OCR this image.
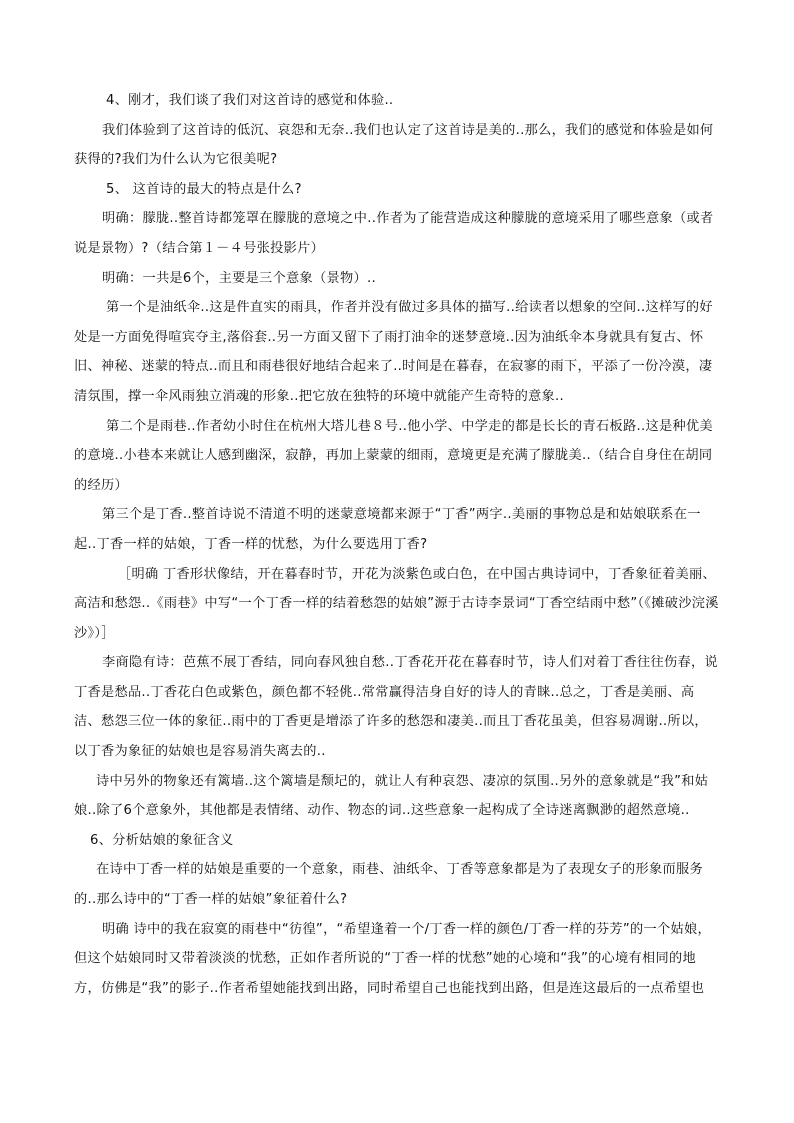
4、刚才，我们谈了我们对这首诗的感觉和体验..

我们体验到了这首诗的低沉、哀怨和无奈..我们也认定了这首诗是美的..那么，我们的感觉和体验是如何获得的?我们为什么认为它很美呢?

5、 这首诗的最大的特点是什么?

明确：朦胧..整首诗都笼罩在朦胧的意境之中..作者为了能营造成这种朦胧的意境采用了哪些意象（或者说是景物）?（结合第１－４号张投影片）

明确：一共是6个，主要是三个意象（景物）..

第一个是油纸伞..这是件直实的雨具，作者并没有做过多具体的描写..给读者以想象的空间..这样写的好处是一方面免得喧宾夺主,落俗套..另一方面又留下了雨打油伞的迷梦意境..因为油纸伞本身就具有复古、怀旧、神秘、迷蒙的特点..而且和雨巷很好地结合起来了..时间是在暮春，在寂寥的雨下，平添了一份冷漠，凄清氛围，撑一伞风雨独立消魂的形象..把它放在独特的环境中就能产生奇特的意象..

第二个是雨巷..作者幼小时住在杭州大塔儿巷８号..他小学、中学走的都是长长的青石板路..这是种优美的意境..小巷本来就让人感到幽深，寂静，再加上蒙蒙的细雨，意境更是充满了朦胧美..（结合自身住在胡同的经历）

第三个是丁香..整首诗说不清道不明的迷蒙意境都来源于“丁香”两字..美丽的事物总是和姑娘联系在一起..丁香一样的姑娘，丁香一样的忧愁，为什么要选用丁香?

［明确 丁香形状像结，开在暮春时节，开花为淡紫色或白色，在中国古典诗词中，丁香象征着美丽、高洁和愁怨..《雨巷》中写“一个丁香一样的结着愁怨的姑娘”源于古诗李景词“丁香空结雨中愁”（《摊破沙浣溪沙》）］

李商隐有诗：芭蕉不展丁香结，同向春风独自愁..丁香花开花在暮春时节，诗人们对着丁香往往伤春，说丁香是愁品..丁香花白色或紫色，颜色都不轻佻..常常赢得洁身自好的诗人的青睐..总之，丁香是美丽、高洁、愁怨三位一体的象征..雨中的丁香更是增添了许多的愁怨和凄美..而且丁香花虽美，但容易凋谢..所以，以丁香为象征的姑娘也是容易消失离去的..

诗中另外的物象还有篱墙..这个篱墙是颓圮的，就让人有种哀怨、凄凉的氛围..另外的意象就是“我”和姑娘..除了6个意象外，其他都是表情绪、动作、物态的词..这些意象一起构成了全诗迷离飘渺的超然意境..

6、分析姑娘的象征含义

在诗中丁香一样的姑娘是重要的一个意象，雨巷、油纸伞、丁香等意象都是为了表现女子的形象而服务的..那么诗中的“丁香一样的姑娘”象征着什么?

明确 诗中的我在寂寞的雨巷中“彷徨”，“希望逢着一个/丁香一样的颜色/丁香一样的芬芳”的一个姑娘，但这个姑娘同时又带着淡淡的忧愁，正如作者所说的“丁香一样的忧愁”她的心境和“我”的心境有相同的地方，仿佛是“我”的影子..作者希望她能找到出路，同时希望自己也能找到出路，但是连这最后的一点希望也
